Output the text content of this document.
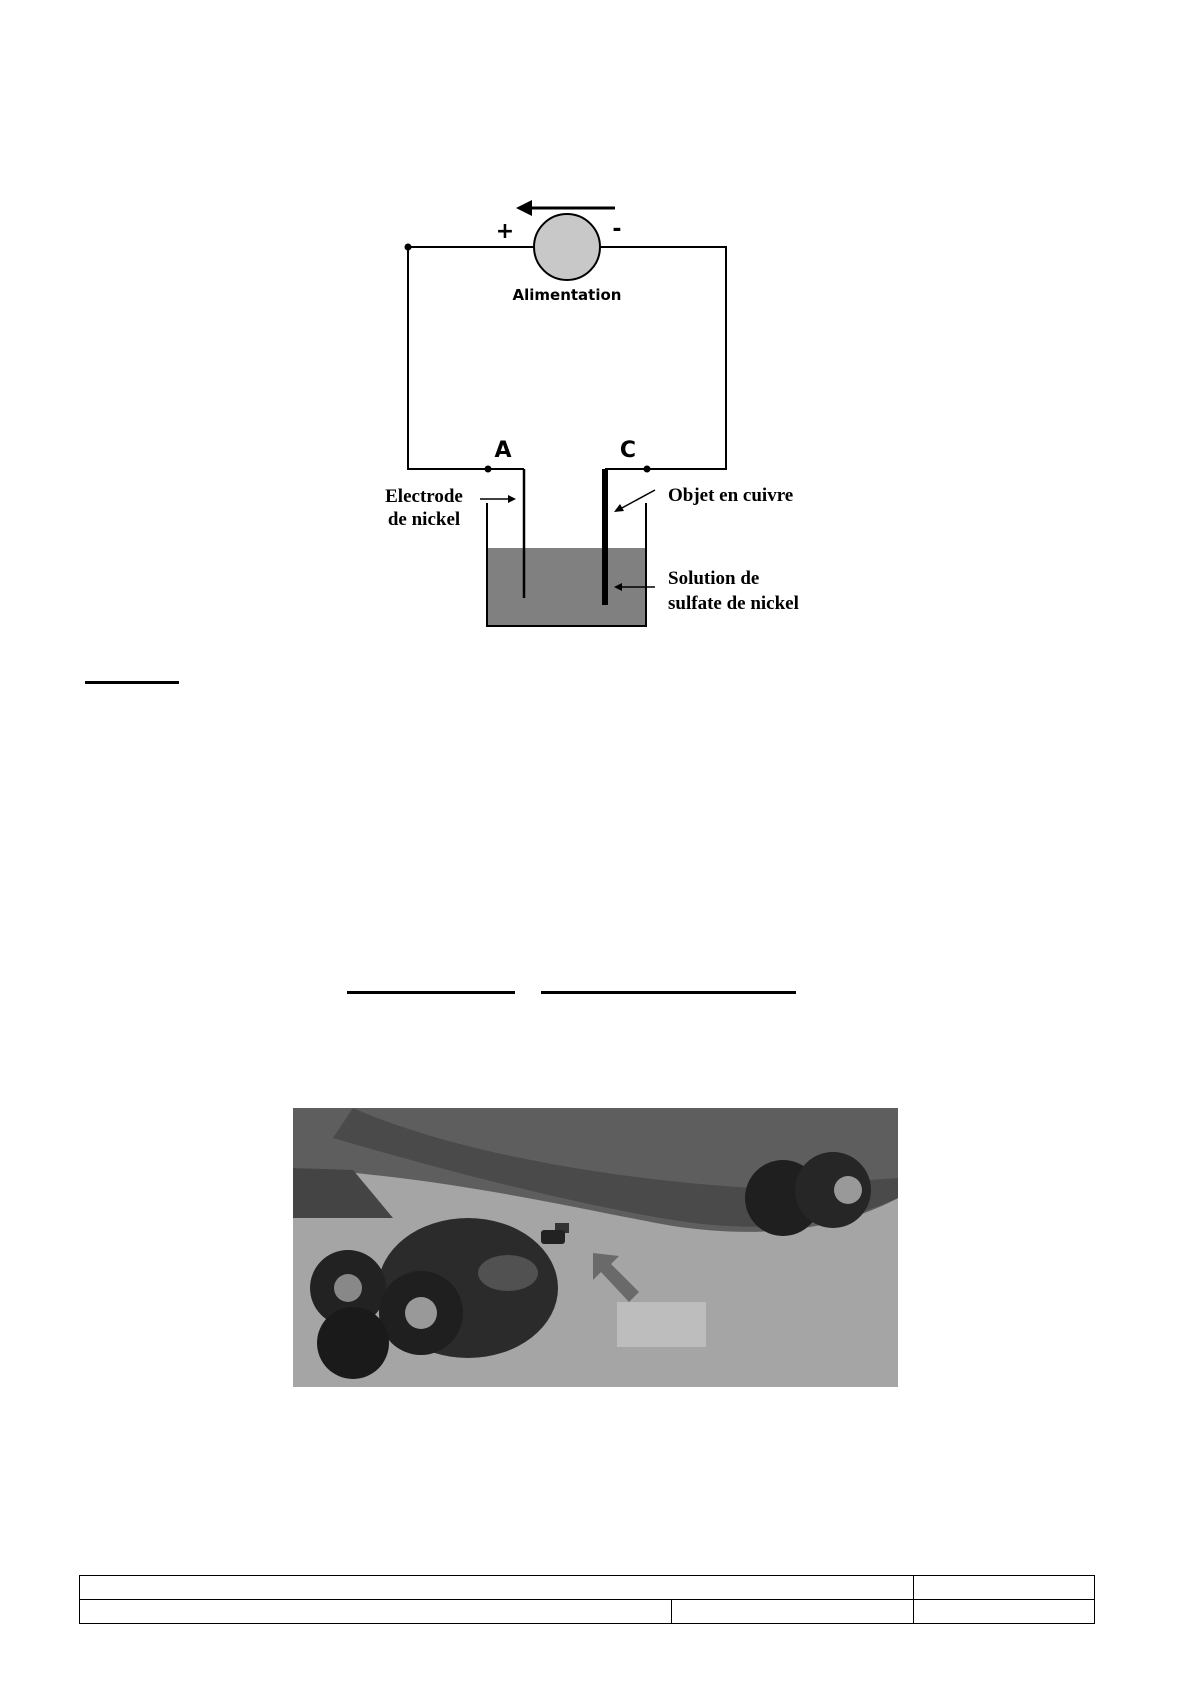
+	-
Alimentation
A	C
Electrode
de nickel
Objet en cuivre
Solution de
sulfate de nickel
